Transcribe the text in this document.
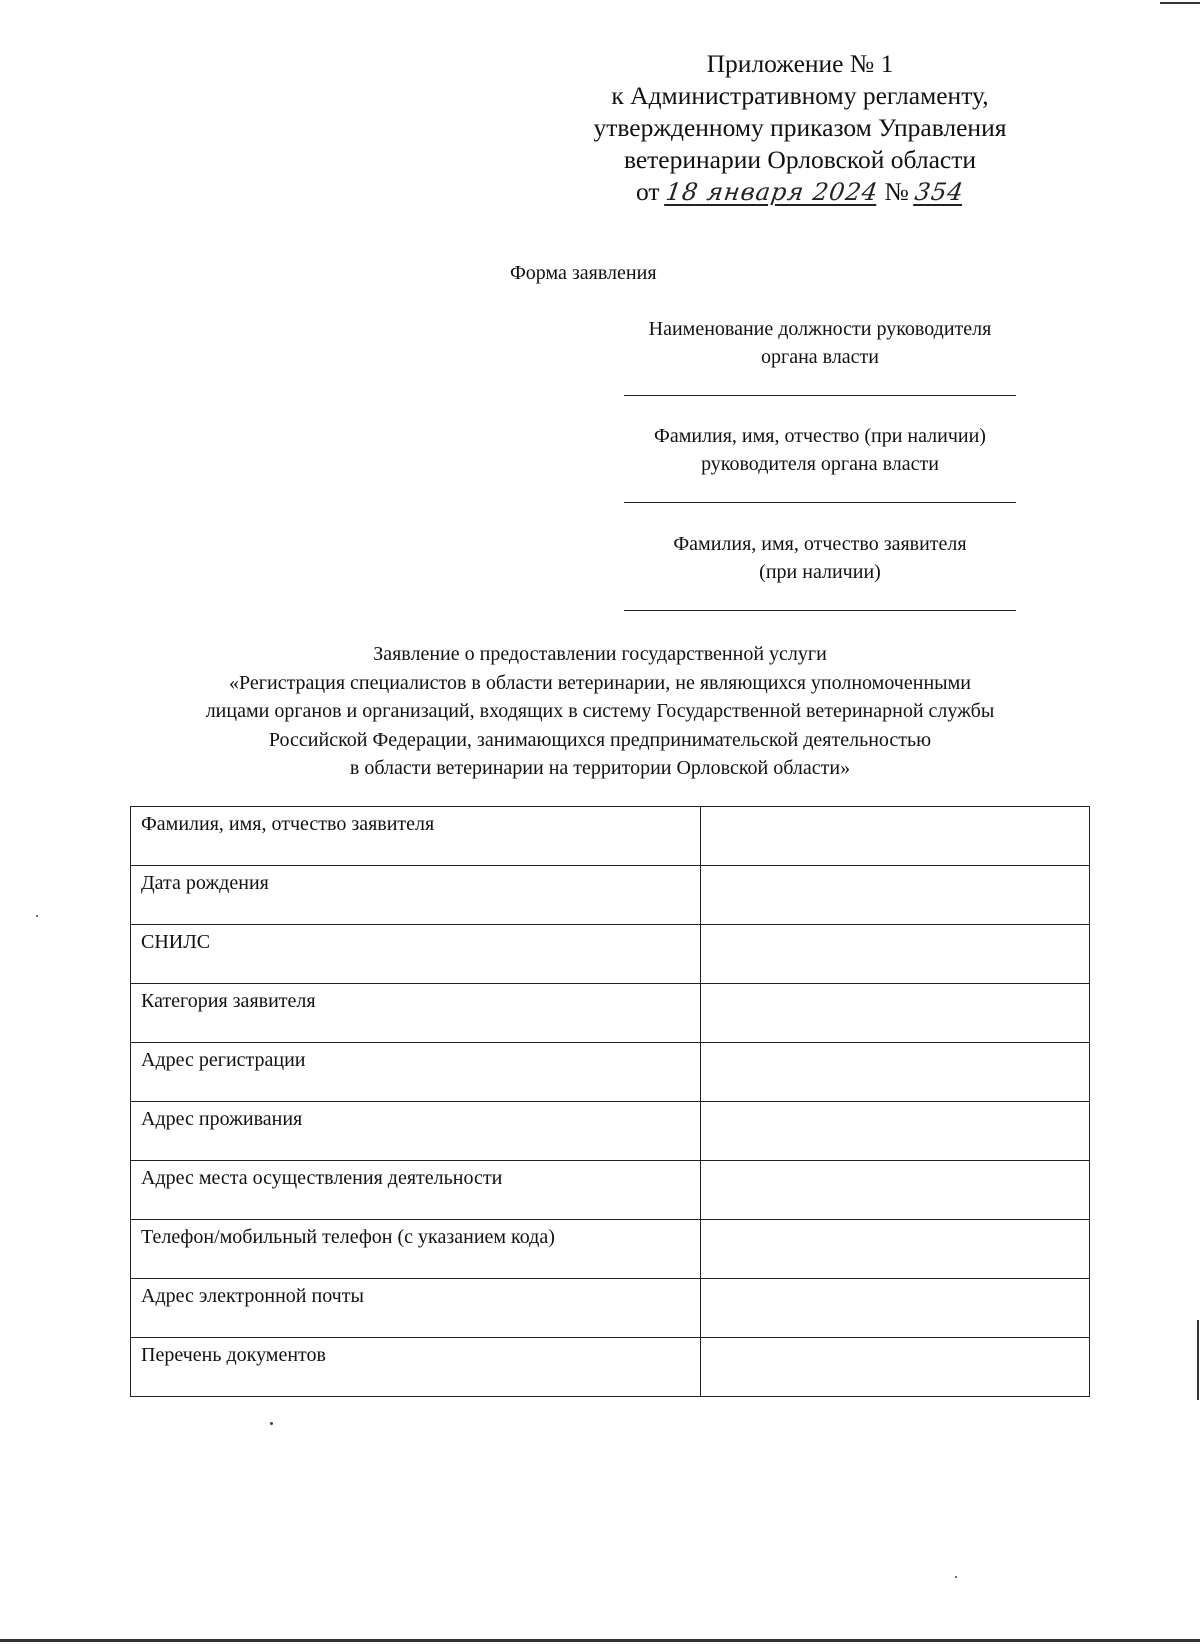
Приложение № 1
к Административному регламенту,
утвержденному приказом Управления
ветеринарии Орловской области
от 18 января 2024 № 354
Форма заявления
Наименование должности руководителя
органа власти
Фамилия, имя, отчество (при наличии)
руководителя органа власти
Фамилия, имя, отчество заявителя
(при наличии)
Заявление о предоставлении государственной услуги
«Регистрация специалистов в области ветеринарии, не являющихся уполномоченными
лицами органов и организаций, входящих в систему Государственной ветеринарной службы
Российской Федерации, занимающихся предпринимательской деятельностью
в области ветеринарии на территории Орловской области»
Фамилия, имя, отчество заявителя	
Дата рождения	
СНИЛС	
Категория заявителя	
Адрес регистрации	
Адрес проживания	
Адрес места осуществления деятельности	
Телефон/мобильный телефон (с указанием кода)	
Адрес электронной почты	
Перечень документов	
